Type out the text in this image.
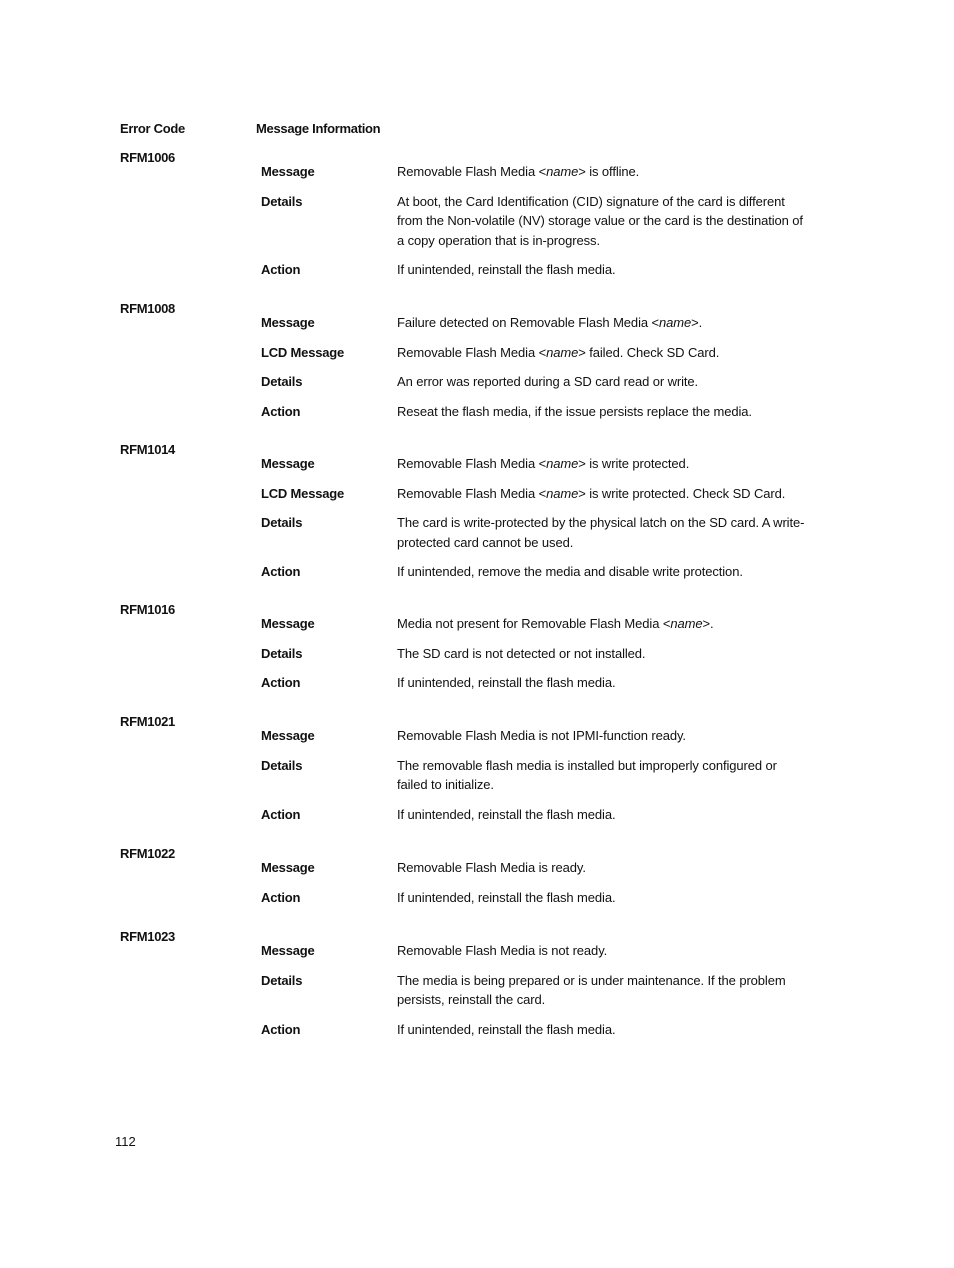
Error Code	Message Information
RFM1006
Message	Removable Flash Media <name> is offline.
Details	At boot, the Card Identification (CID) signature of the card is different from the Non-volatile (NV) storage value or the card is the destination of a copy operation that is in-progress.
Action	If unintended, reinstall the flash media.
RFM1008
Message	Failure detected on Removable Flash Media <name>.
LCD Message	Removable Flash Media <name> failed. Check SD Card.
Details	An error was reported during a SD card read or write.
Action	Reseat the flash media, if the issue persists replace the media.
RFM1014
Message	Removable Flash Media <name> is write protected.
LCD Message	Removable Flash Media <name> is write protected. Check SD Card.
Details	The card is write-protected by the physical latch on the SD card. A write-protected card cannot be used.
Action	If unintended, remove the media and disable write protection.
RFM1016
Message	Media not present for Removable Flash Media <name>.
Details	The SD card is not detected or not installed.
Action	If unintended, reinstall the flash media.
RFM1021
Message	Removable Flash Media is not IPMI-function ready.
Details	The removable flash media is installed but improperly configured or failed to initialize.
Action	If unintended, reinstall the flash media.
RFM1022
Message	Removable Flash Media is ready.
Action	If unintended, reinstall the flash media.
RFM1023
Message	Removable Flash Media is not ready.
Details	The media is being prepared or is under maintenance. If the problem persists, reinstall the card.
Action	If unintended, reinstall the flash media.
112
